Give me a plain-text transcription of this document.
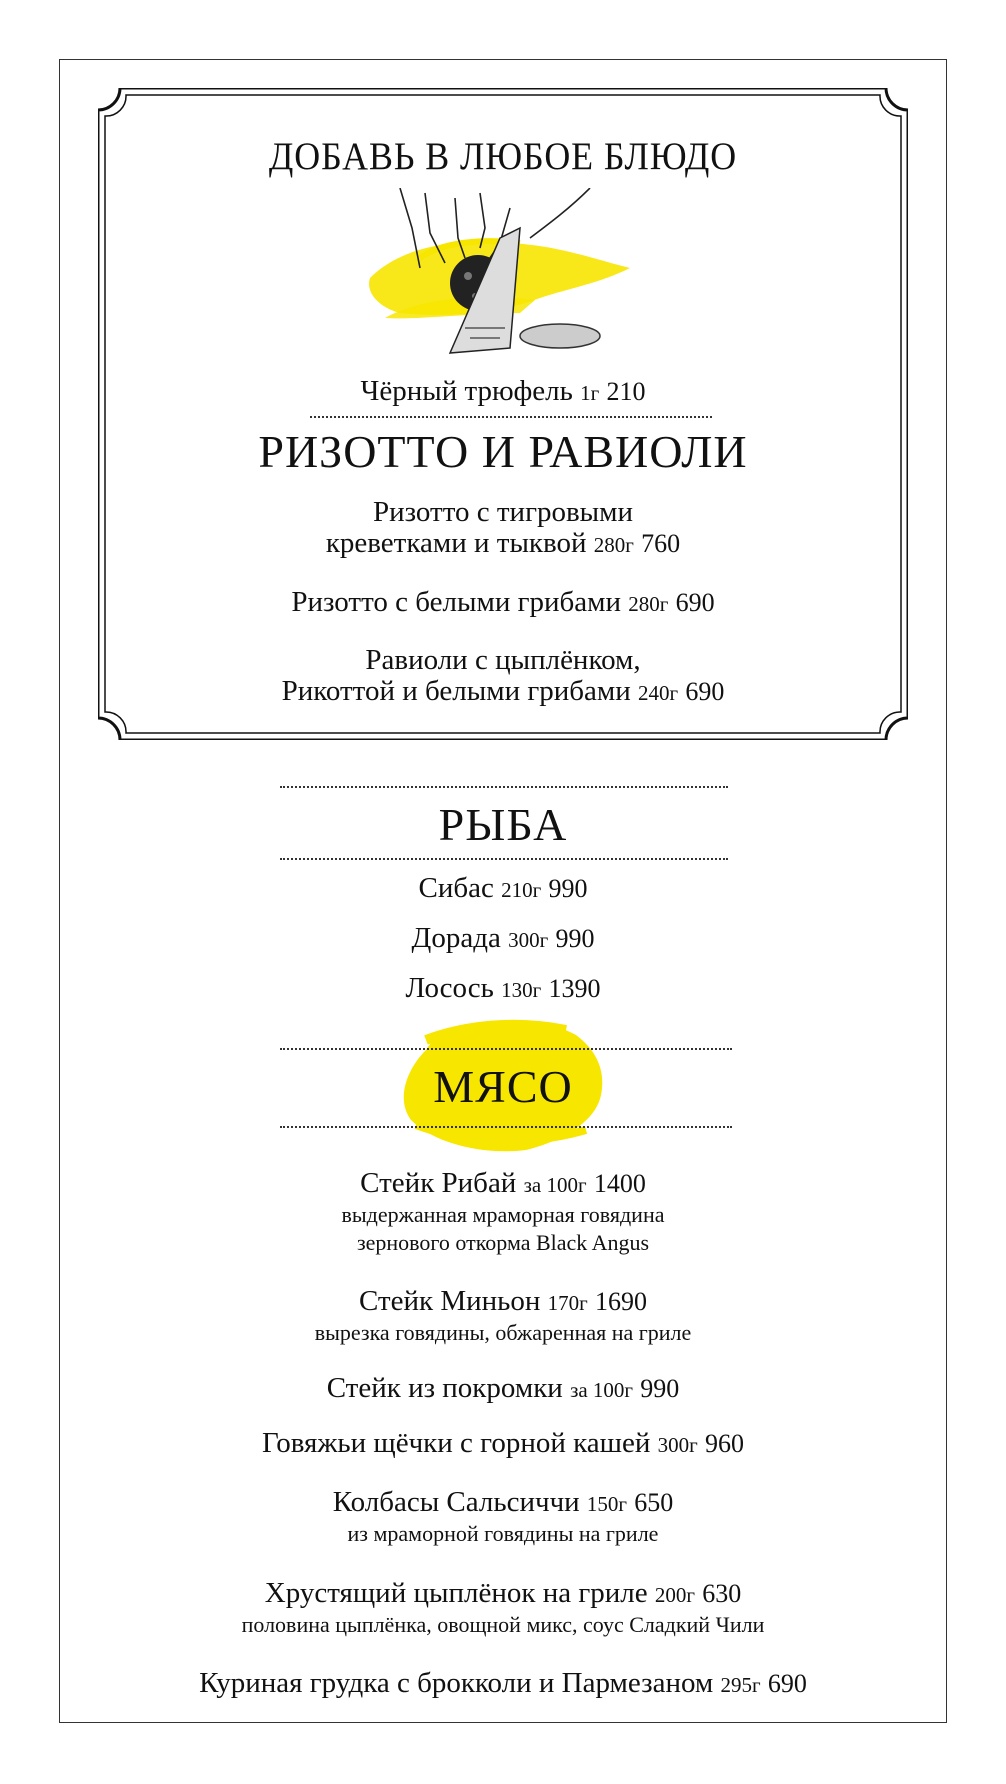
ДОБАВЬ В ЛЮБОЕ БЛЮДО
Чёрный трюфель 1г 210
РИЗОТТО И РАВИОЛИ
Ризотто с тигровыми
креветками и тыквой 280г 760
Ризотто с белыми грибами 280г 690
Равиоли с цыплёнком,
Рикоттой и белыми грибами 240г 690
РЫБА
Сибас 210г 990
Дорада 300г 990
Лосось 130г 1390
МЯСО
Стейк Рибай за 100г 1400
выдержанная мраморная говядина
зернового откорма Black Angus
Стейк Миньон 170г 1690
вырезка говядины, обжаренная на гриле
Стейк из покромки за 100г 990
Говяжьи щёчки с горной кашей 300г 960
Колбасы Сальсиччи 150г 650
из мраморной говядины на гриле
Хрустящий цыплёнок на гриле 200г 630
половина цыплёнка, овощной микс, соус Сладкий Чили
Куриная грудка с брокколи и Пармезаном 295г 690
